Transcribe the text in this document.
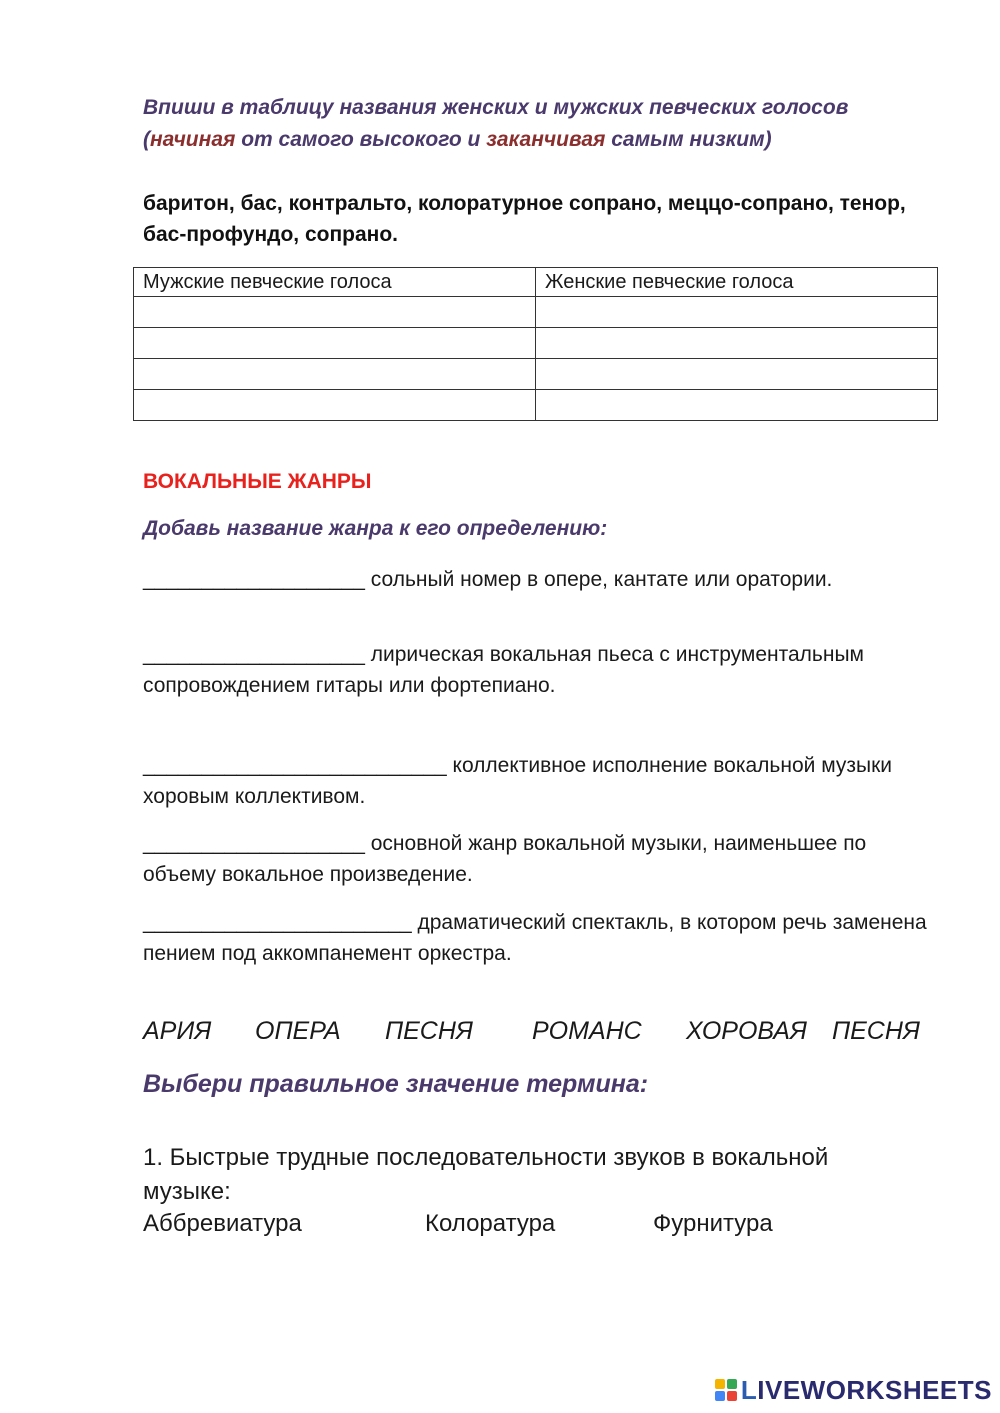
Впиши в таблицу названия женских и мужских певческих голосов (начиная от самого высокого и заканчивая самым низким)
баритон, бас, контральто, колоратурное сопрано, меццо-сопрано, тенор, бас-профундо, сопрано.
Мужские певческие голоса	Женские певческие голоса

ВОКАЛЬНЫЕ ЖАНРЫ
Добавь название жанра к его определению:
___________________ сольный номер в опере, кантате или оратории.
___________________ лирическая вокальная пьеса с инструментальным сопровождением гитары или фортепиано.
__________________________ коллективное исполнение вокальной музыки хоровым коллективом.
___________________ основной жанр вокальной музыки, наименьшее по объему вокальное произведение.
_______________________ драматический спектакль, в котором речь заменена пением под аккомпанемент оркестра.
АРИЯ ОПЕРА ПЕСНЯ РОМАНС ХОРОВАЯ ПЕСНЯ
Выбери правильное значение термина:
1. Быстрые трудные последовательности звуков в вокальной музыке:
Аббревиатура	Колоратура	Фурнитура
LIVEWORKSHEETS
